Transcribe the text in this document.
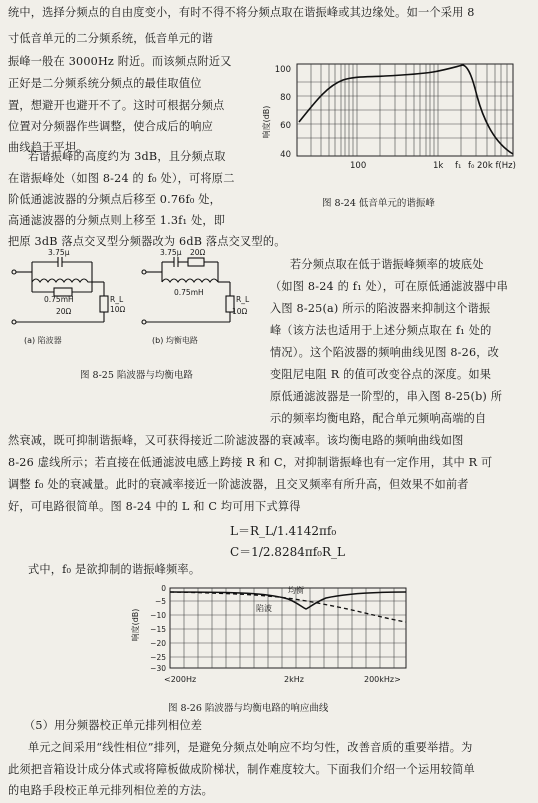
统中，选择分频点的自由度变小，有时不得不将分频点取在谐振峰或其边缘处。如一个采用 8
寸低音单元的二分频系统，低音单元的谐
振峰一般在 3000Hz 附近。而该频点附近又
正好是二分频系统分频点的最佳取值位
置，想避开也避开不了。这时可根据分频点
位置对分频器作些调整，使合成后的响应
曲线趋于平坦。
响度(dB)
100
80
60
40
100	1k f₁ f₀ 20k f(Hz)
图 8-24 低音单元的谐振峰
若谐振峰的高度约为 3dB，且分频点取
在谐振峰处（如图 8-24 的 f₀ 处），可将原二
阶低通滤波器的分频点后移至 0.76f₀ 处，
高通滤波器的分频点则上移至 1.3f₁ 处，即
把原 3dB 落点交叉型分频器改为 6dB 落点交叉型的。
3.75μ
0.75mH
20Ω
R_L
10Ω
3.75μ 20Ω
0.75mH
R_L
10Ω
(a) 陷波器	(b) 均衡电路
图 8-25 陷波器与均衡电路
若分频点取在低于谐振峰频率的坡底处
（如图 8-24 的 f₁ 处），可在原低通滤波器中串
入图 8-25(a) 所示的陷波器来抑制这个谐振
峰（该方法也适用于上述分频点取在 f₁ 处的
情况）。这个陷波器的频响曲线见图 8-26，改
变阻尼电阻 R 的值可改变谷点的深度。如果
原低通滤波器是一阶型的，串入图 8-25(b) 所
示的频率均衡电路，配合单元频响高端的自
然衰减，既可抑制谐振峰，又可获得接近二阶滤波器的衰减率。该均衡电路的频响曲线如图
8-26 虚线所示；若直接在低通滤波电感上跨接 R 和 C，对抑制谐振峰也有一定作用，其中 R 可
调整 f₀ 处的衰减量。此时的衰减率接近一阶滤波器，且交叉频率有所升高，但效果不如前者
好，可电路很简单。图 8-24 中的 L 和 C 均可用下式算得
L＝R_L/1.4142πf₀
C＝1/2.8284πf₀R_L
式中，f₀ 是欲抑制的谐振峰频率。
响度(dB)
0
−5
−10
−15
−20
−25
−30
均衡
陷波
<200Hz	2kHz	200kHz>
图 8-26 陷波器与均衡电路的响应曲线
（5）用分频器校正单元排列相位差
单元之间采用“线性相位”排列，是避免分频点处响应不均匀性，改善音质的重要举措。为
此须把音箱设计成分体式或将障板做成阶梯状，制作难度较大。下面我们介绍一个运用较简单
的电路手段校正单元排列相位差的方法。
